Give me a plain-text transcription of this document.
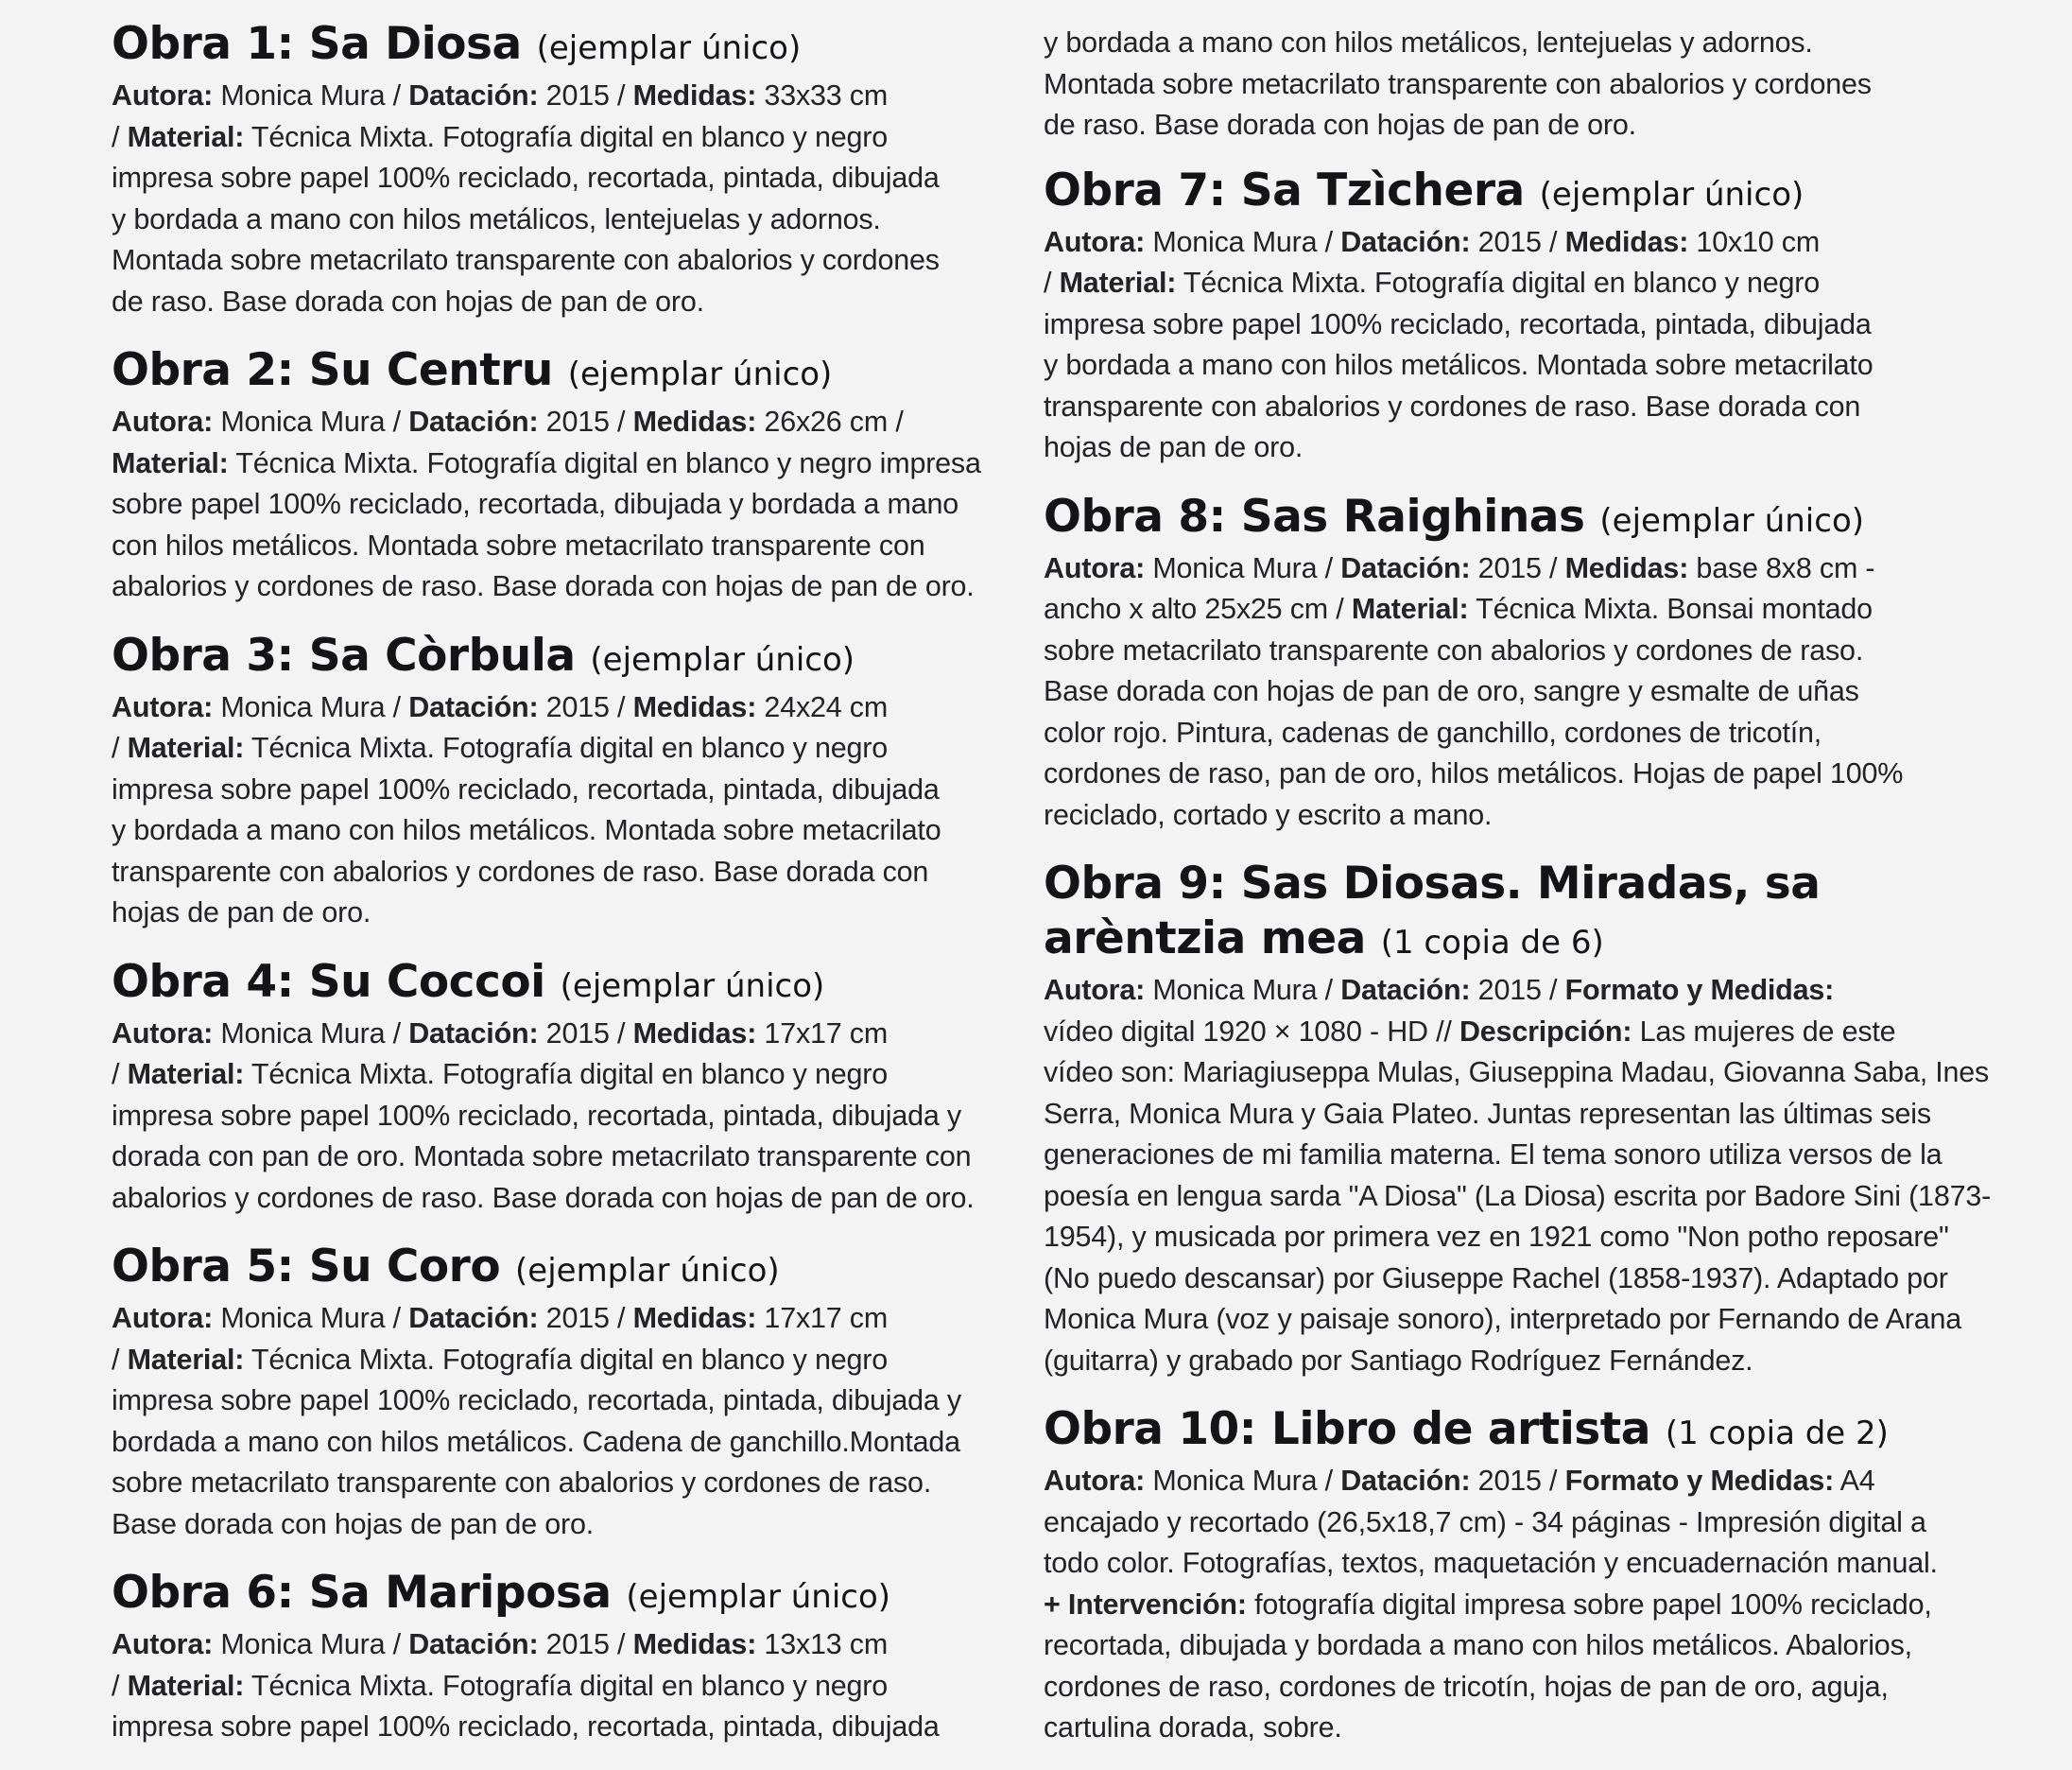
Obra 1: Sa Diosa (ejemplar único)

Autora: Monica Mura / Datación: 2015 / Medidas: 33x33 cm
/ Material: Técnica Mixta. Fotografía digital en blanco y negro
impresa sobre papel 100% reciclado, recortada, pintada, dibujada
y bordada a mano con hilos metálicos, lentejuelas y adornos.
Montada sobre metacrilato transparente con abalorios y cordones
de raso. Base dorada con hojas de pan de oro.

Obra 2: Su Centru (ejemplar único)

Autora: Monica Mura / Datación: 2015 / Medidas: 26x26 cm /
Material: Técnica Mixta. Fotografía digital en blanco y negro impresa
sobre papel 100% reciclado, recortada, dibujada y bordada a mano
con hilos metálicos. Montada sobre metacrilato transparente con
abalorios y cordones de raso. Base dorada con hojas de pan de oro.

Obra 3: Sa Còrbula (ejemplar único)

Autora: Monica Mura / Datación: 2015 / Medidas: 24x24 cm
/ Material: Técnica Mixta. Fotografía digital en blanco y negro
impresa sobre papel 100% reciclado, recortada, pintada, dibujada
y bordada a mano con hilos metálicos. Montada sobre metacrilato
transparente con abalorios y cordones de raso. Base dorada con
hojas de pan de oro.

Obra 4: Su Coccoi (ejemplar único)

Autora: Monica Mura / Datación: 2015 / Medidas: 17x17 cm
/ Material: Técnica Mixta. Fotografía digital en blanco y negro
impresa sobre papel 100% reciclado, recortada, pintada, dibujada y
dorada con pan de oro. Montada sobre metacrilato transparente con
abalorios y cordones de raso. Base dorada con hojas de pan de oro.

Obra 5: Su Coro (ejemplar único)

Autora: Monica Mura / Datación: 2015 / Medidas: 17x17 cm
/ Material: Técnica Mixta. Fotografía digital en blanco y negro
impresa sobre papel 100% reciclado, recortada, pintada, dibujada y
bordada a mano con hilos metálicos. Cadena de ganchillo.Montada
sobre metacrilato transparente con abalorios y cordones de raso.
Base dorada con hojas de pan de oro.

Obra 6: Sa Mariposa (ejemplar único)

Autora: Monica Mura / Datación: 2015 / Medidas: 13x13 cm
/ Material: Técnica Mixta. Fotografía digital en blanco y negro
impresa sobre papel 100% reciclado, recortada, pintada, dibujada

y bordada a mano con hilos metálicos, lentejuelas y adornos.
Montada sobre metacrilato transparente con abalorios y cordones
de raso. Base dorada con hojas de pan de oro.

Obra 7: Sa Tzìchera (ejemplar único)

Autora: Monica Mura / Datación: 2015 / Medidas: 10x10 cm
/ Material: Técnica Mixta. Fotografía digital en blanco y negro
impresa sobre papel 100% reciclado, recortada, pintada, dibujada
y bordada a mano con hilos metálicos. Montada sobre metacrilato
transparente con abalorios y cordones de raso. Base dorada con
hojas de pan de oro.

Obra 8: Sas Raighinas (ejemplar único)

Autora: Monica Mura / Datación: 2015 / Medidas: base 8x8 cm -
ancho x alto 25x25 cm / Material: Técnica Mixta. Bonsai montado
sobre metacrilato transparente con abalorios y cordones de raso.
Base dorada con hojas de pan de oro, sangre y esmalte de uñas
color rojo. Pintura, cadenas de ganchillo, cordones de tricotín,
cordones de raso, pan de oro, hilos metálicos. Hojas de papel 100%
reciclado, cortado y escrito a mano.

Obra 9: Sas Diosas. Miradas, sa
arèntzia mea (1 copia de 6)

Autora: Monica Mura / Datación: 2015 / Formato y Medidas:
vídeo digital 1920 × 1080 - HD // Descripción: Las mujeres de este
vídeo son: Mariagiuseppa Mulas, Giuseppina Madau, Giovanna Saba, Ines
Serra, Monica Mura y Gaia Plateo. Juntas representan las últimas seis
generaciones de mi familia materna. El tema sonoro utiliza versos de la
poesía en lengua sarda "A Diosa" (La Diosa) escrita por Badore Sini (1873-
1954), y musicada por primera vez en 1921 como "Non potho reposare"
(No puedo descansar) por Giuseppe Rachel (1858-1937). Adaptado por
Monica Mura (voz y paisaje sonoro), interpretado por Fernando de Arana
(guitarra) y grabado por Santiago Rodríguez Fernández.

Obra 10: Libro de artista (1 copia de 2)

Autora: Monica Mura / Datación: 2015 / Formato y Medidas: A4
encajado y recortado (26,5x18,7 cm) - 34 páginas - Impresión digital a
todo color. Fotografías, textos, maquetación y encuadernación manual.
+ Intervención: fotografía digital impresa sobre papel 100% reciclado,
recortada, dibujada y bordada a mano con hilos metálicos. Abalorios,
cordones de raso, cordones de tricotín, hojas de pan de oro, aguja,
cartulina dorada, sobre.
